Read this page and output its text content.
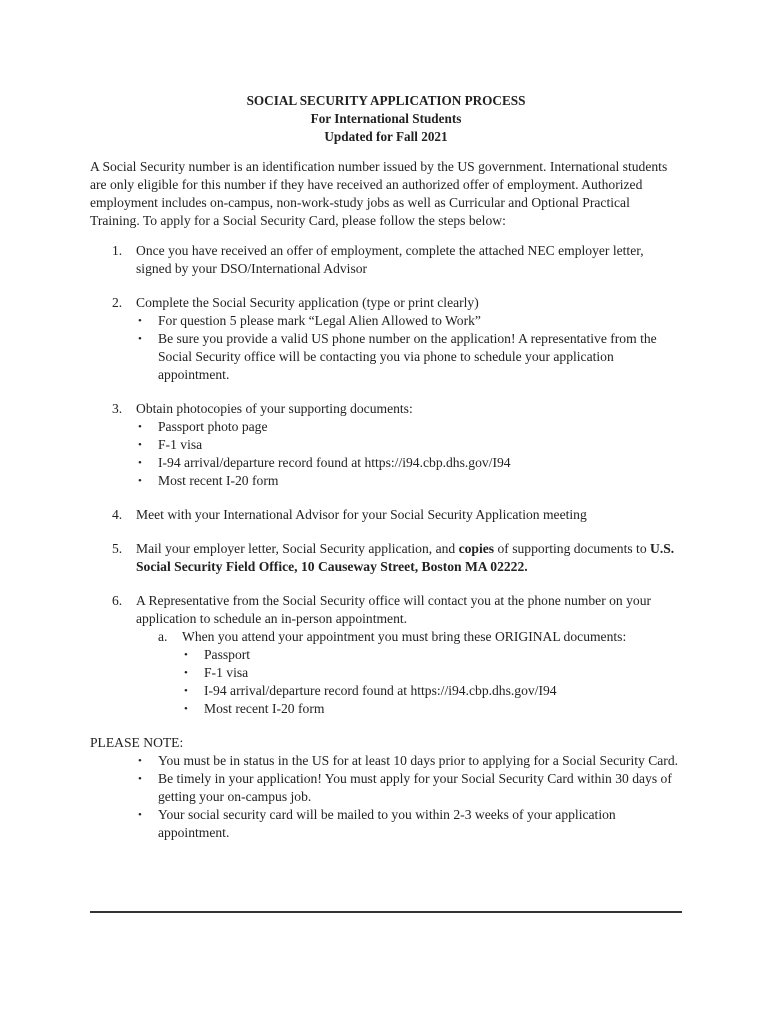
SOCIAL SECURITY APPLICATION PROCESS
For International Students
Updated for Fall 2021

A Social Security number is an identification number issued by the US government. International students are only eligible for this number if they have received an authorized offer of employment. Authorized employment includes on-campus, non-work-study jobs as well as Curricular and Optional Practical Training. To apply for a Social Security Card, please follow the steps below:

1. Once you have received an offer of employment, complete the attached NEC employer letter, signed by your DSO/International Advisor
2. Complete the Social Security application (type or print clearly)
• For question 5 please mark “Legal Alien Allowed to Work”
• Be sure you provide a valid US phone number on the application! A representative from the Social Security office will be contacting you via phone to schedule your application appointment.
3. Obtain photocopies of your supporting documents:
• Passport photo page
• F-1 visa
• I-94 arrival/departure record found at https://i94.cbp.dhs.gov/I94
• Most recent I-20 form
4. Meet with your International Advisor for your Social Security Application meeting
5. Mail your employer letter, Social Security application, and copies of supporting documents to U.S. Social Security Field Office, 10 Causeway Street, Boston MA 02222.
6. A Representative from the Social Security office will contact you at the phone number on your application to schedule an in-person appointment.
a. When you attend your appointment you must bring these ORIGINAL documents:
• Passport
• F-1 visa
• I-94 arrival/departure record found at https://i94.cbp.dhs.gov/I94
• Most recent I-20 form
PLEASE NOTE:
• You must be in status in the US for at least 10 days prior to applying for a Social Security Card.
• Be timely in your application! You must apply for your Social Security Card within 30 days of getting your on-campus job.
• Your social security card will be mailed to you within 2-3 weeks of your application appointment.
